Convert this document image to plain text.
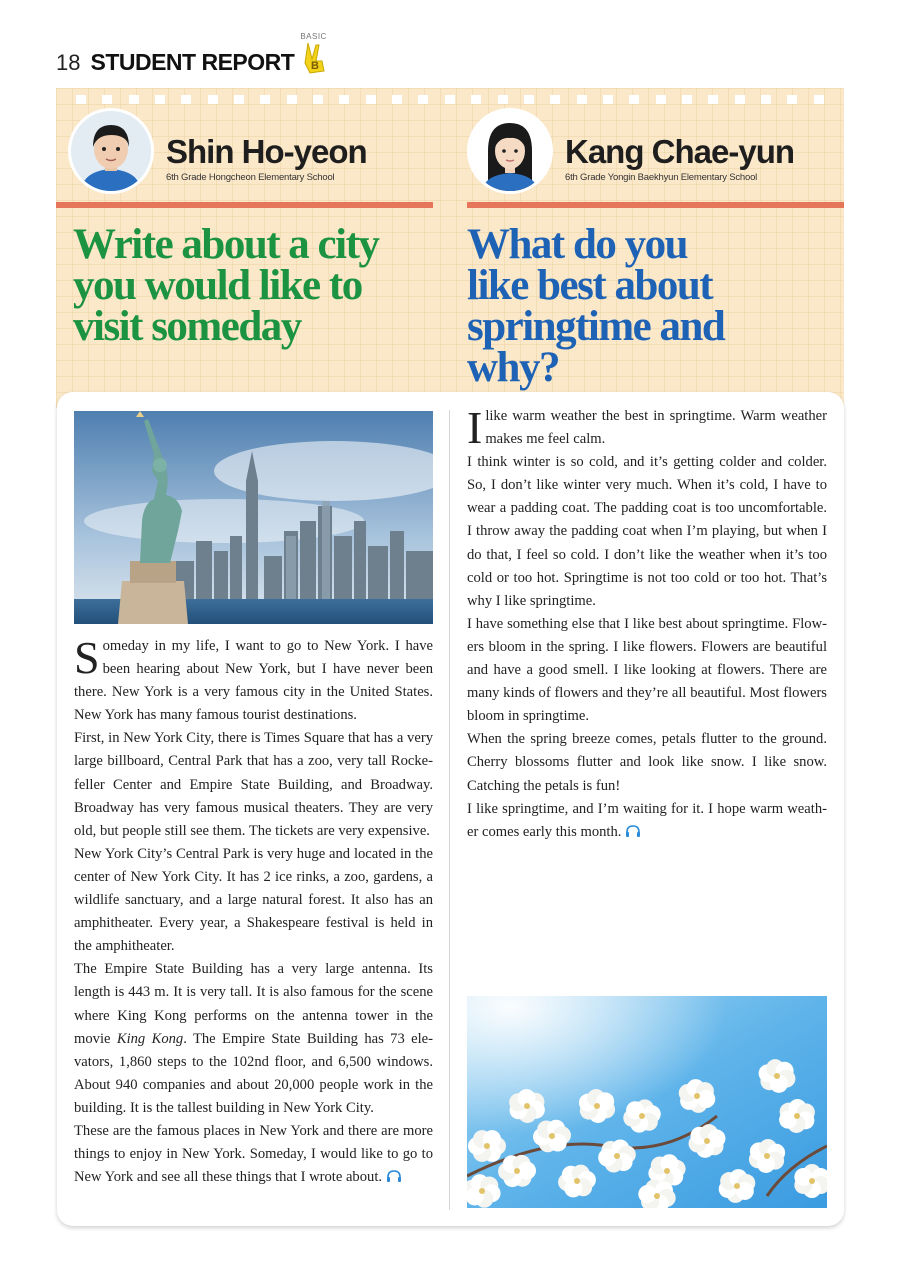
18 STUDENT REPORT
BASIC
B
Shin Ho-yeon
6th Grade Hongcheon Elementary School
Kang Chae-yun
6th Grade Yongin Baekhyun Elementary School
Write about a city
you would like to
visit someday
What do you
like best about
springtime and
why?

Someday in my life, I want to go to New York. I have been hearing about New York, but I have never been there. New York is a very famous city in the United States. New York has many famous tourist destinations.

First, in New York City, there is Times Square that has a very large billboard, Central Park that has a zoo, very tall Rockefeller Center and Empire State Building, and Broadway. Broadway has very famous musical theaters. They are very old, but people still see them. The tickets are very expensive.

New York City’s Central Park is very huge and located in the center of New York City. It has 2 ice rinks, a zoo, gardens, a wildlife sanctuary, and a large natural forest. It also has an amphitheater. Every year, a Shakespeare festival is held in the amphitheater.

The Empire State Building has a very large antenna. Its length is 443 m. It is very tall. It is also famous for the scene where King Kong performs on the antenna tower in the movie King Kong. The Empire State Building has 73 elevators, 1,860 steps to the 102nd floor, and 6,500 windows. About 940 companies and about 20,000 people work in the building. It is the tallest building in New York City.

These are the famous places in New York and there are more things to enjoy in New York. Someday, I would like to go to New York and see all these things that I wrote about.

Ilike warm weather the best in springtime. Warm weather makes me feel calm.

I think winter is so cold, and it’s getting colder and colder. So, I don’t like winter very much. When it’s cold, I have to wear a padding coat. The padding coat is too uncomfortable. I throw away the padding coat when I’m playing, but when I do that, I feel so cold. I don’t like the weather when it’s too cold or too hot. Springtime is not too cold or too hot. That’s why I like springtime.

I have something else that I like best about springtime. Flowers bloom in the spring. I like flowers. Flowers are beautiful and have a good smell. I like looking at flowers. There are many kinds of flowers and they’re all beautiful. Most flowers bloom in springtime.

When the spring breeze comes, petals flutter to the ground. Cherry blossoms flutter and look like snow. I like snow. Catching the petals is fun!

I like springtime, and I’m waiting for it. I hope warm weather comes early this month.
